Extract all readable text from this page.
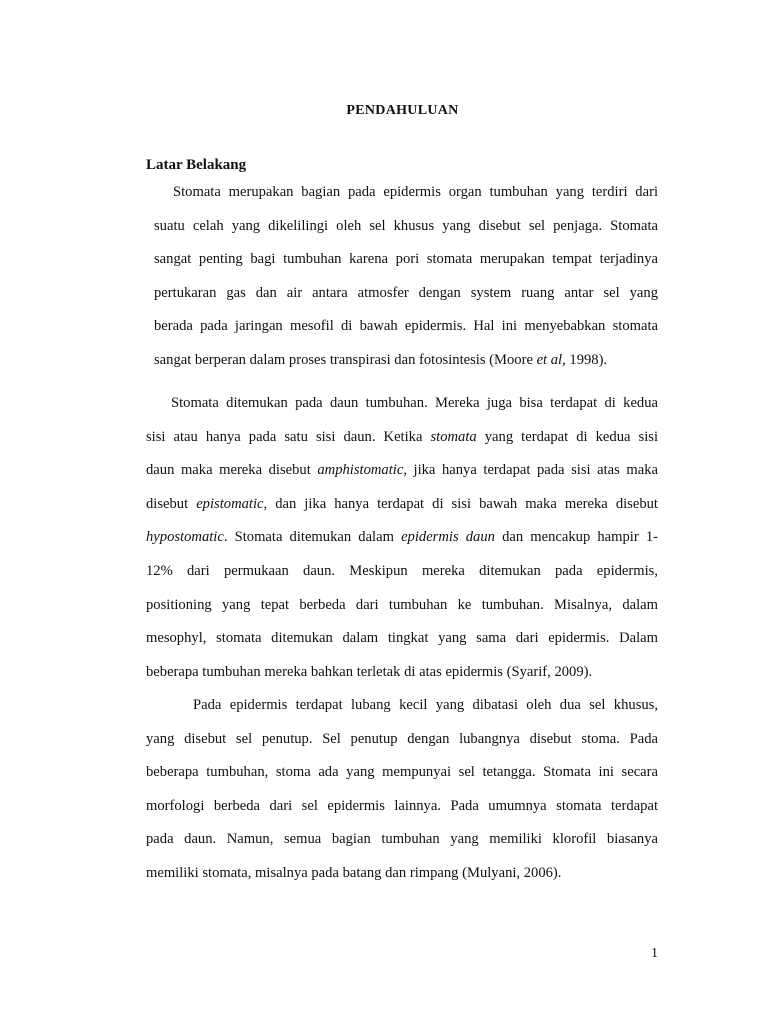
PENDAHULUAN
Latar Belakang
Stomata merupakan bagian pada epidermis organ tumbuhan yang terdiri dari
suatu celah yang dikelilingi oleh sel khusus yang disebut sel penjaga. Stomata
sangat penting bagi tumbuhan karena pori stomata merupakan tempat terjadinya
pertukaran gas dan air antara atmosfer dengan system ruang antar sel yang
berada pada jaringan mesofil di bawah epidermis. Hal ini menyebabkan stomata
sangat berperan dalam proses transpirasi dan fotosintesis (Moore et al, 1998).
Stomata ditemukan pada daun tumbuhan. Mereka juga bisa terdapat di kedua
sisi atau hanya pada satu sisi daun. Ketika stomata yang terdapat di kedua sisi
daun maka mereka disebut amphistomatic, jika hanya terdapat pada sisi atas maka
disebut epistomatic, dan jika hanya terdapat di sisi bawah maka mereka disebut
hypostomatic. Stomata ditemukan dalam epidermis daun dan mencakup hampir 1-
12% dari permukaan daun. Meskipun mereka ditemukan pada epidermis,
positioning yang tepat berbeda dari tumbuhan ke tumbuhan. Misalnya, dalam
mesophyl, stomata ditemukan dalam tingkat yang sama dari epidermis. Dalam
beberapa tumbuhan mereka bahkan terletak di atas epidermis (Syarif, 2009).
Pada epidermis terdapat lubang kecil yang dibatasi oleh dua sel khusus,
yang disebut sel penutup. Sel penutup dengan lubangnya disebut stoma. Pada
beberapa tumbuhan, stoma ada yang mempunyai sel tetangga. Stomata ini secara
morfologi berbeda dari sel epidermis lainnya. Pada umumnya stomata terdapat
pada daun. Namun, semua bagian tumbuhan yang memiliki klorofil biasanya
memiliki stomata, misalnya pada batang dan rimpang (Mulyani, 2006).
1
